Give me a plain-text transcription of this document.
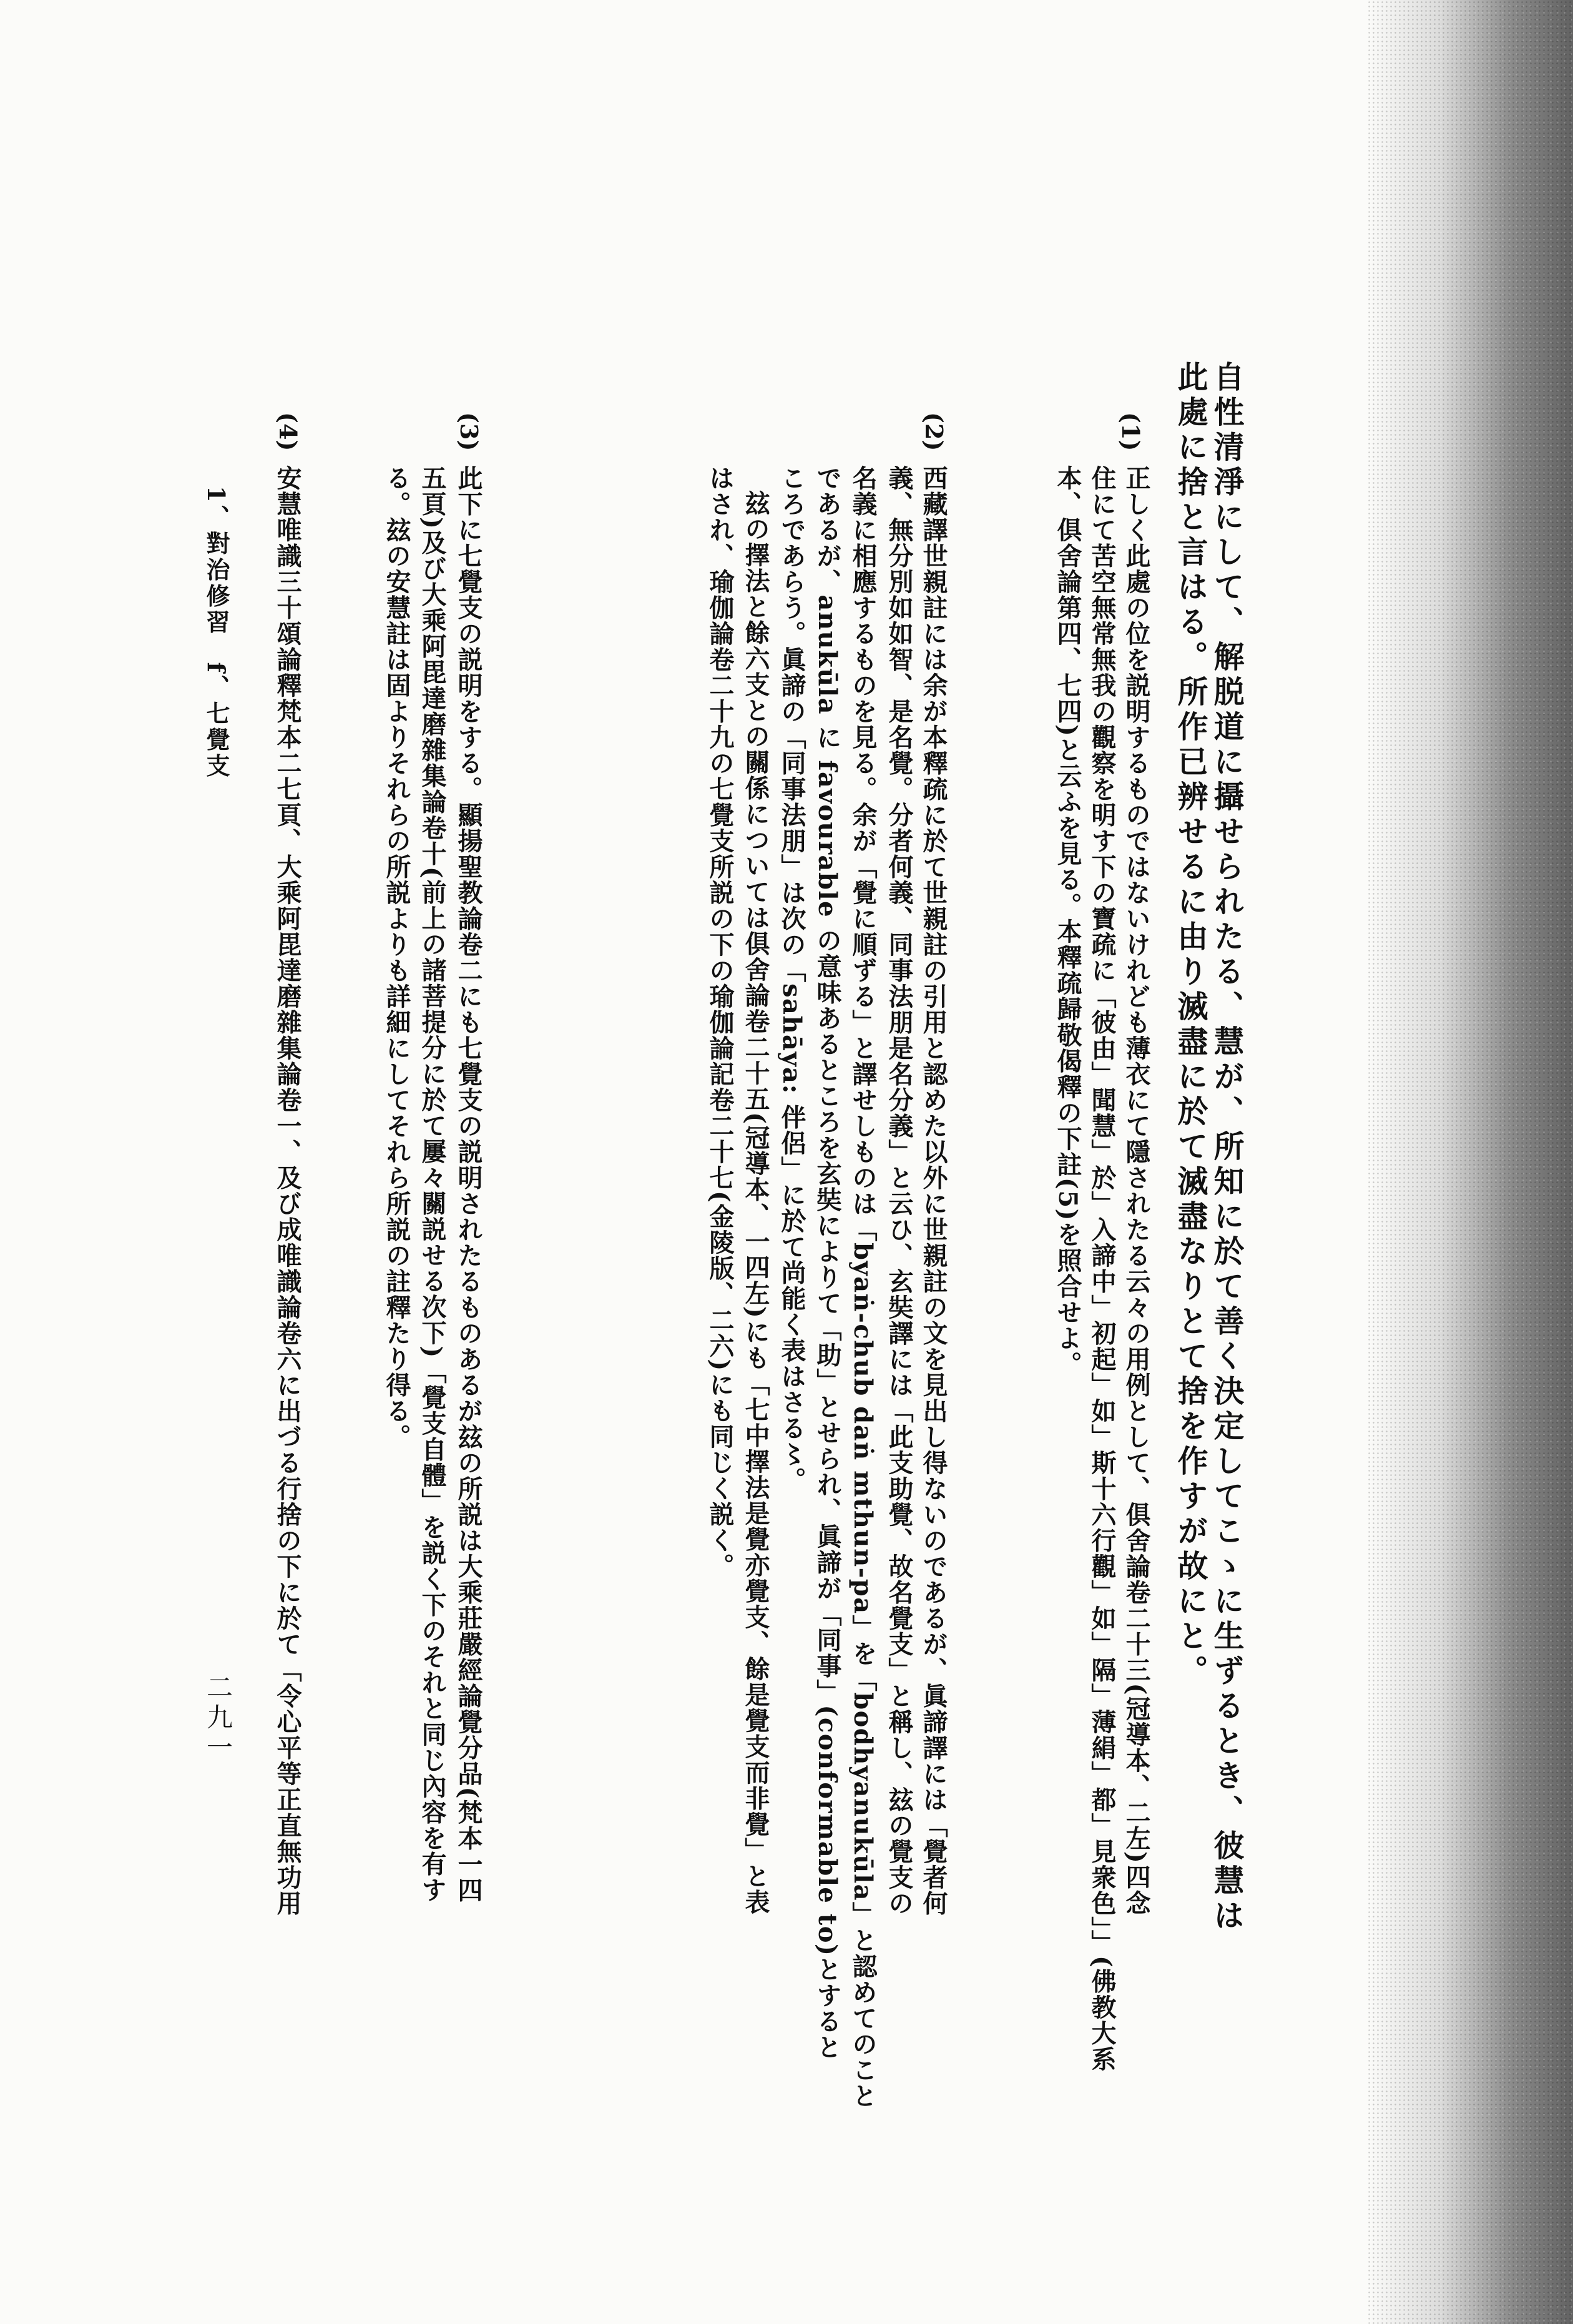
自性清淨にして、解脱道に攝せられたる、慧が、所知に於て善く決定してこゝに生ずるとき、彼慧は
此處に捨と言はる。所作已辨せるに由り滅盡に於て滅盡なりとて捨を作すが故にと。
(1)
正しく此處の位を説明するものではないけれども薄衣にて隱されたる云々の用例として、俱舍論卷二十三(冠導本、二左)四念
住にて苦空無常無我の觀察を明す下の寶疏に「彼由」聞慧」於」入諦中」初起」如」斯十六行觀」如」隔」薄絹」都」見衆色」」(佛教大系
本、俱舍論第四、七四)と云ふを見る。本釋疏歸敬偈釋の下註(5)を照合せよ。
(2)
西藏譯世親註には余が本釋疏に於て世親註の引用と認めた以外に世親註の文を見出し得ないのであるが、眞諦譯には「覺者何
義、無分別如如智、是名覺。分者何義、同事法朋是名分義」と云ひ、玄奘譯には「此支助覺、故名覺支」と稱し、玆の覺支の
名義に相應するものを見る。余が「覺に順ずる」と譯せしものは「byaṅ-chub daṅ mthun-pa」を「bodhyanukūla」と認めてのこと
であるが、anukūla に favourable の意味あるところを玄奘によりて「助」とせられ、眞諦が「同事」(conformable to)とすると
ころであらう。眞諦の「同事法朋」は次の「sahāya: 伴侶」に於て尚能く表はさる〻。
玆の擇法と餘六支との關係については俱舍論卷二十五(冠導本、一四左)にも「七中擇法是覺亦覺支、餘是覺支而非覺」と表
はされ、瑜伽論卷二十九の七覺支所説の下の瑜伽論記卷二十七(金陵版、二六)にも同じく説く。
(3)
此下に七覺支の説明をする。顯揚聖教論卷二にも七覺支の説明されたるものあるが玆の所説は大乘莊嚴經論覺分品(梵本一四
五頁)及び大乘阿毘達磨雜集論卷十(前上の諸菩提分に於て屢々關説せる次下)「覺支自體」を説く下のそれと同じ內容を有す
る。玆の安慧註は固よりそれらの所説よりも詳細にしてそれら所説の註釋たり得る。
(4)
安慧唯識三十頌論釋梵本二七頁、大乘阿毘達磨雜集論卷一、及び成唯識論卷六に出づる行捨の下に於て「令心平等正直無功用
1、對治修習　f、七覺支
二九一
